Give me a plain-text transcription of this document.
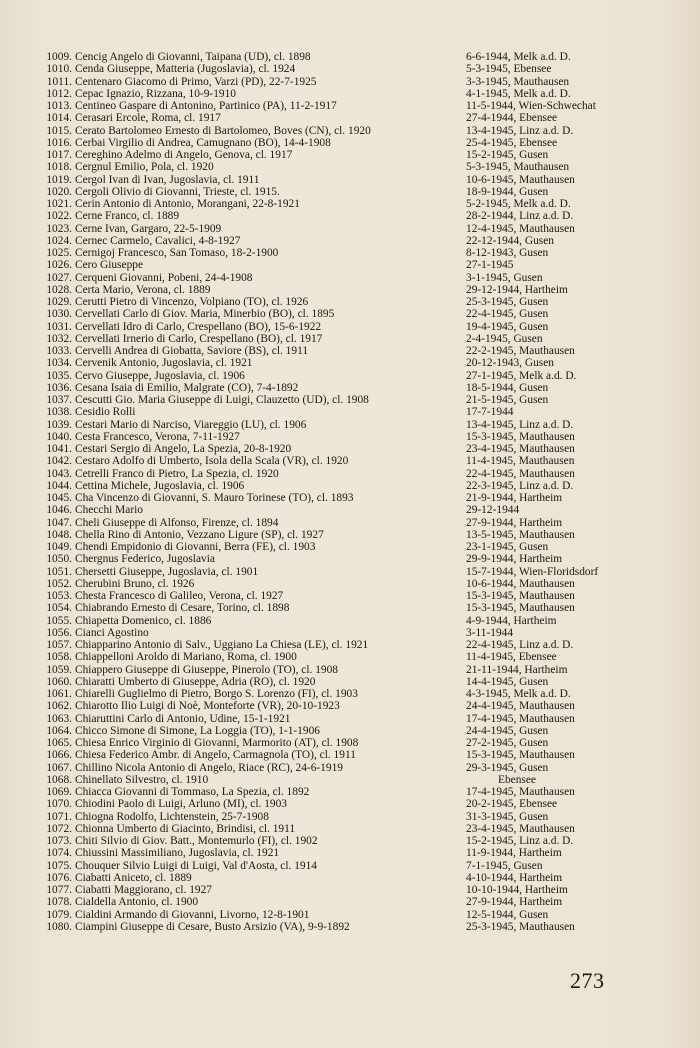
1009. Cencig Angelo di Giovanni, Taipana (UD), cl. 1898	6-6-1944, Melk a.d. D.
1010. Cenda Giuseppe, Matteria (Jugoslavia), cl. 1924	5-3-1945, Ebensee
1011. Centenaro Giacomo di Primo, Varzi (PD), 22-7-1925	3-3-1945, Mauthausen
1012. Cepac Ignazio, Rizzana, 10-9-1910	4-1-1945, Melk a.d. D.
1013. Centineo Gaspare di Antonino, Partinico (PA), 11-2-1917	11-5-1944, Wien-Schwechat
1014. Cerasari Ercole, Roma, cl. 1917	27-4-1944, Ebensee
1015. Cerato Bartolomeo Ernesto di Bartolomeo, Boves (CN), cl. 1920	13-4-1945, Linz a.d. D.
1016. Cerbai Virgilio di Andrea, Camugnano (BO), 14-4-1908	25-4-1945, Ebensee
1017. Cereghino Adelmo di Angelo, Genova, cl. 1917	15-2-1945, Gusen
1018. Cergnul Emilio, Pola, cl. 1920	5-3-1945, Mauthausen
1019. Cergol Ivan di Ivan, Jugoslavia, cl. 1911	10-6-1945, Mauthausen
1020. Cergoli Olivio di Giovanni, Trieste, cl. 1915.	18-9-1944, Gusen
1021. Cerin Antonio di Antonio, Morangani, 22-8-1921	5-2-1945, Melk a.d. D.
1022. Cerne Franco, cl. 1889	28-2-1944, Linz a.d. D.
1023. Cerne Ivan, Gargaro, 22-5-1909	12-4-1945, Mauthausen
1024. Cernec Carmelo, Cavalici, 4-8-1927	22-12-1944, Gusen
1025. Cernigoj Francesco, San Tomaso, 18-2-1900	8-12-1943, Gusen
1026. Cero Giuseppe	27-1-1945
1027. Cerqueni Giovanni, Pobeni, 24-4-1908	3-1-1945, Gusen
1028. Certa Mario, Verona, cl. 1889	29-12-1944, Hartheim
1029. Cerutti Pietro di Vincenzo, Volpiano (TO), cl. 1926	25-3-1945, Gusen
1030. Cervellati Carlo di Giov. Maria, Minerbio (BO), cl. 1895	22-4-1945, Gusen
1031. Cervellati Idro di Carlo, Crespellano (BO), 15-6-1922	19-4-1945, Gusen
1032. Cervellati Irnerio di Carlo, Crespellano (BO), cl. 1917	2-4-1945, Gusen
1033. Cervelli Andrea di Giobatta, Saviore (BS), cl. 1911	22-2-1945, Mauthausen
1034. Cervenik Antonio, Jugoslavia, cl. 1921	20-12-1943, Gusen
1035. Cervo Giuseppe, Jugoslavia, cl. 1906	27-1-1945, Melk a.d. D.
1036. Cesana Isaia di Emilio, Malgrate (CO), 7-4-1892	18-5-1944, Gusen
1037. Cescutti Gio. Maria Giuseppe di Luigi, Clauzetto (UD), cl. 1908	21-5-1945, Gusen
1038. Cesidio Rolli	17-7-1944
1039. Cestari Mario di Narciso, Viareggio (LU), cl. 1906	13-4-1945, Linz a.d. D.
1040. Cesta Francesco, Verona, 7-11-1927	15-3-1945, Mauthausen
1041. Cestari Sergio di Angelo, La Spezia, 20-8-1920	23-4-1945, Mauthausen
1042. Cestaro Adolfo di Umberto, Isola della Scala (VR), cl. 1920	11-4-1945, Mauthausen
1043. Cetrelli Franco di Pietro, La Spezia, cl. 1920	22-4-1945, Mauthausen
1044. Cettina Michele, Jugoslavia, cl. 1906	22-3-1945, Linz a.d. D.
1045. Cha Vincenzo di Giovanni, S. Mauro Torinese (TO), cl. 1893	21-9-1944, Hartheim
1046. Checchi Mario	29-12-1944
1047. Cheli Giuseppe di Alfonso, Firenze, cl. 1894	27-9-1944, Hartheim
1048. Chella Rino di Antonio, Vezzano Ligure (SP), cl. 1927	13-5-1945, Mauthausen
1049. Chendi Empidonio di Giovanni, Berra (FE), cl. 1903	23-1-1945, Gusen
1050. Chergnus Federico, Jugoslavia	29-9-1944, Hartheim
1051. Chersetti Giuseppe, Jugoslavia, cl. 1901	15-7-1944, Wien-Floridsdorf
1052. Cherubini Bruno, cl. 1926	10-6-1944, Mauthausen
1053. Chesta Francesco di Galileo, Verona, cl. 1927	15-3-1945, Mauthausen
1054. Chiabrando Ernesto di Cesare, Torino, cl. 1898	15-3-1945, Mauthausen
1055. Chiapetta Domenico, cl. 1886	4-9-1944, Hartheim
1056. Cianci Agostino	3-11-1944
1057. Chiapparino Antonio di Salv., Uggiano La Chiesa (LE), cl. 1921	22-4-1945, Linz a.d. D.
1058. Chiappelloni Aroldo di Mariano, Roma, cl. 1900	11-4-1945, Ebensee
1059. Chiappero Giuseppe di Giuseppe, Pinerolo (TO), cl. 1908	21-11-1944, Hartheim
1060. Chiaratti Umberto di Giuseppe, Adria (RO), cl. 1920	14-4-1945, Gusen
1061. Chiarelli Guglielmo di Pietro, Borgo S. Lorenzo (FI), cl. 1903	4-3-1945, Melk a.d. D.
1062. Chiarotto Ilio Luigi di Noè, Monteforte (VR), 20-10-1923	24-4-1945, Mauthausen
1063. Chiaruttini Carlo di Antonio, Udine, 15-1-1921	17-4-1945, Mauthausen
1064. Chicco Simone di Simone, La Loggia (TO), 1-1-1906	24-4-1945, Gusen
1065. Chiesa Enrico Virginio di Giovanni, Marmorito (AT), cl. 1908	27-2-1945, Gusen
1066. Chiesa Federico Ambr. di Angelo, Carmagnola (TO), cl. 1911	15-3-1945, Mauthausen
1067. Chillino Nicola Antonio di Angelo, Riace (RC), 24-6-1919	29-3-1945, Gusen
1068. Chinellato Silvestro, cl. 1910	Ebensee
1069. Chiacca Giovanni di Tommaso, La Spezia, cl. 1892	17-4-1945, Mauthausen
1070. Chiodini Paolo di Luigi, Arluno (MI), cl. 1903	20-2-1945, Ebensee
1071. Chiogna Rodolfo, Lichtenstein, 25-7-1908	31-3-1945, Gusen
1072. Chionna Umberto di Giacinto, Brindisi, cl. 1911	23-4-1945, Mauthausen
1073. Chiti Silvio di Giov. Batt., Montemurlo (FI), cl. 1902	15-2-1945, Linz a.d. D.
1074. Chiussini Massimiliano, Jugoslavia, cl. 1921	11-9-1944, Hartheim
1075. Chouquer Silvio Luigi di Luigi, Val d'Aosta, cl. 1914	7-1-1945, Gusen
1076. Ciabatti Aniceto, cl. 1889	4-10-1944, Hartheim
1077. Ciabatti Maggiorano, cl. 1927	10-10-1944, Hartheim
1078. Cialdella Antonio, cl. 1900	27-9-1944, Hartheim
1079. Cialdini Armando di Giovanni, Livorno, 12-8-1901	12-5-1944, Gusen
1080. Ciampini Giuseppe di Cesare, Busto Arsizio (VA), 9-9-1892	25-3-1945, Mauthausen
273
